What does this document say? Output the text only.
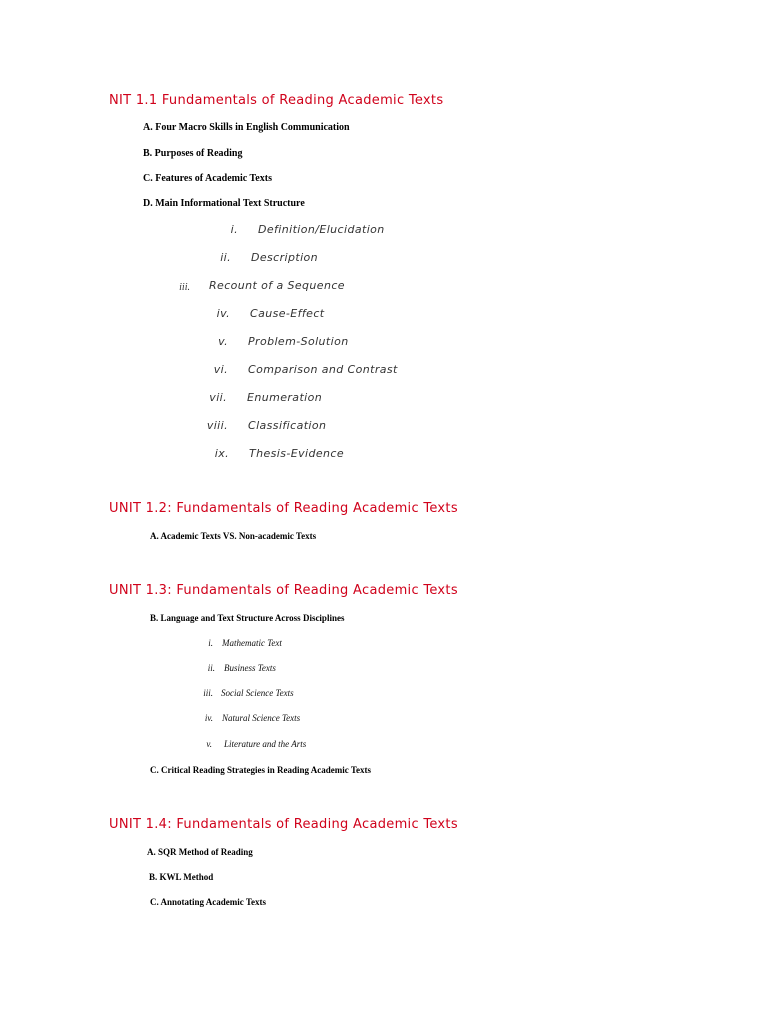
NIT 1.1 Fundamentals of Reading Academic Texts
A. Four Macro Skills in English Communication
B. Purposes of Reading
C. Features of Academic Texts
D. Main Informational Text Structure
i. Definition/Elucidation
ii. Description
iii. Recount of a Sequence
iv. Cause-Effect
v. Problem-Solution
vi. Comparison and Contrast
vii. Enumeration
viii. Classification
ix. Thesis-Evidence
UNIT 1.2: Fundamentals of Reading Academic Texts
A. Academic Texts VS. Non-academic Texts
UNIT 1.3: Fundamentals of Reading Academic Texts
B. Language and Text Structure Across Disciplines
i. Mathematic Text
ii. Business Texts
iii. Social Science Texts
iv. Natural Science Texts
v. Literature and the Arts
C. Critical Reading Strategies in Reading Academic Texts
UNIT 1.4: Fundamentals of Reading Academic Texts
A. SQR Method of Reading
B. KWL Method
C. Annotating Academic Texts
